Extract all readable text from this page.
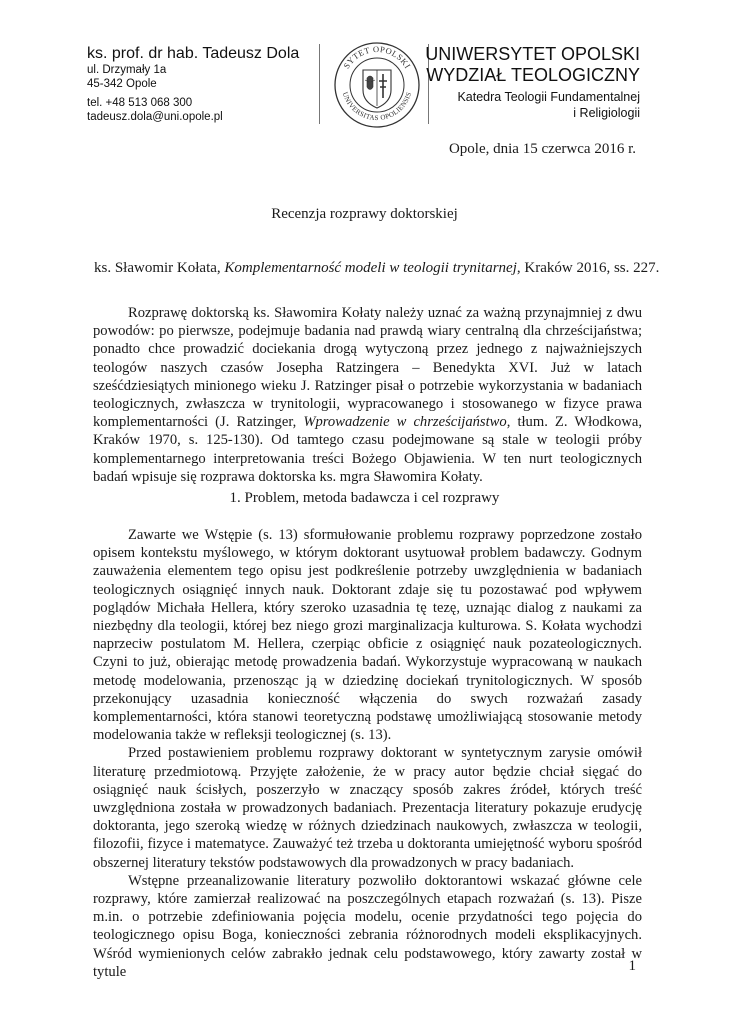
ks. prof. dr hab. Tadeusz Dola
ul. Drzymały 1a
45-342 Opole
tel. +48 513 068 300
tadeusz.dola@uni.opole.pl
SYTET OPOLSKI
UNIVERSITAS OPOLIENSIS
UNIWERSYTET OPOLSKI
WYDZIAŁ TEOLOGICZNY
Katedra Teologii Fundamentalnej
i Religiologii
Opole, dnia 15 czerwca 2016 r.
Recenzja rozprawy doktorskiej
ks. Sławomir Kołata, Komplementarność modeli w teologii trynitarnej, Kraków 2016, ss. 227.

Rozprawę doktorską ks. Sławomira Kołaty należy uznać za ważną przynajmniej z dwu powodów: po pierwsze, podejmuje badania nad prawdą wiary centralną dla chrześcijaństwa; ponadto chce prowadzić dociekania drogą wytyczoną przez jednego z najważniejszych teologów naszych czasów Josepha Ratzingera – Benedykta XVI. Już w latach sześćdziesiątych minionego wieku J. Ratzinger pisał o potrzebie wykorzystania w badaniach teologicznych, zwłaszcza w trynitologii, wypracowanego i stosowanego w fizyce prawa komplementarności (J. Ratzinger, Wprowadzenie w chrześcijaństwo, tłum. Z. Włodkowa, Kraków 1970, s. 125-130). Od tamtego czasu podejmowane są stale w teologii próby komplementarnego interpretowania treści Bożego Objawienia. W ten nurt teologicznych badań wpisuje się rozprawa doktorska ks. mgra Sławomira Kołaty.

1. Problem, metoda badawcza i cel rozprawy

Zawarte we Wstępie (s. 13) sformułowanie problemu rozprawy poprzedzone zostało opisem kontekstu myślowego, w którym doktorant usytuował problem badawczy. Godnym zauważenia elementem tego opisu jest podkreślenie potrzeby uwzględnienia w badaniach teologicznych osiągnięć innych nauk. Doktorant zdaje się tu pozostawać pod wpływem poglądów Michała Hellera, który szeroko uzasadnia tę tezę, uznając dialog z naukami za niezbędny dla teologii, której bez niego grozi marginalizacja kulturowa. S. Kołata wychodzi naprzeciw postulatom M. Hellera, czerpiąc obficie z osiągnięć nauk pozateologicznych. Czyni to już, obierając metodę prowadzenia badań. Wykorzystuje wypracowaną w naukach metodę modelowania, przenosząc ją w dziedzinę dociekań trynitologicznych. W sposób przekonujący uzasadnia konieczność włączenia do swych rozważań zasady komplementarności, która stanowi teoretyczną podstawę umożliwiającą stosowanie metody modelowania także w refleksji teologicznej (s. 13).

Przed postawieniem problemu rozprawy doktorant w syntetycznym zarysie omówił literaturę przedmiotową. Przyjęte założenie, że w pracy autor będzie chciał sięgać do osiągnięć nauk ścisłych, poszerzyło w znaczący sposób zakres źródeł, których treść uwzględniona została w prowadzonych badaniach. Prezentacja literatury pokazuje erudycję doktoranta, jego szeroką wiedzę w różnych dziedzinach naukowych, zwłaszcza w teologii, filozofii, fizyce i matematyce. Zauważyć też trzeba u doktoranta umiejętność wyboru spośród obszernej literatury tekstów podstawowych dla prowadzonych w pracy badaniach.

Wstępne przeanalizowanie literatury pozwoliło doktorantowi wskazać główne cele rozprawy, które zamierzał realizować na poszczególnych etapach rozważań (s. 13). Pisze m.in. o potrzebie zdefiniowania pojęcia modelu, ocenie przydatności tego pojęcia do teologicznego opisu Boga, konieczności zebrania różnorodnych modeli eksplikacyjnych. Wśród wymienionych celów zabrakło jednak celu podstawowego, który zawarty został w tytule	1
